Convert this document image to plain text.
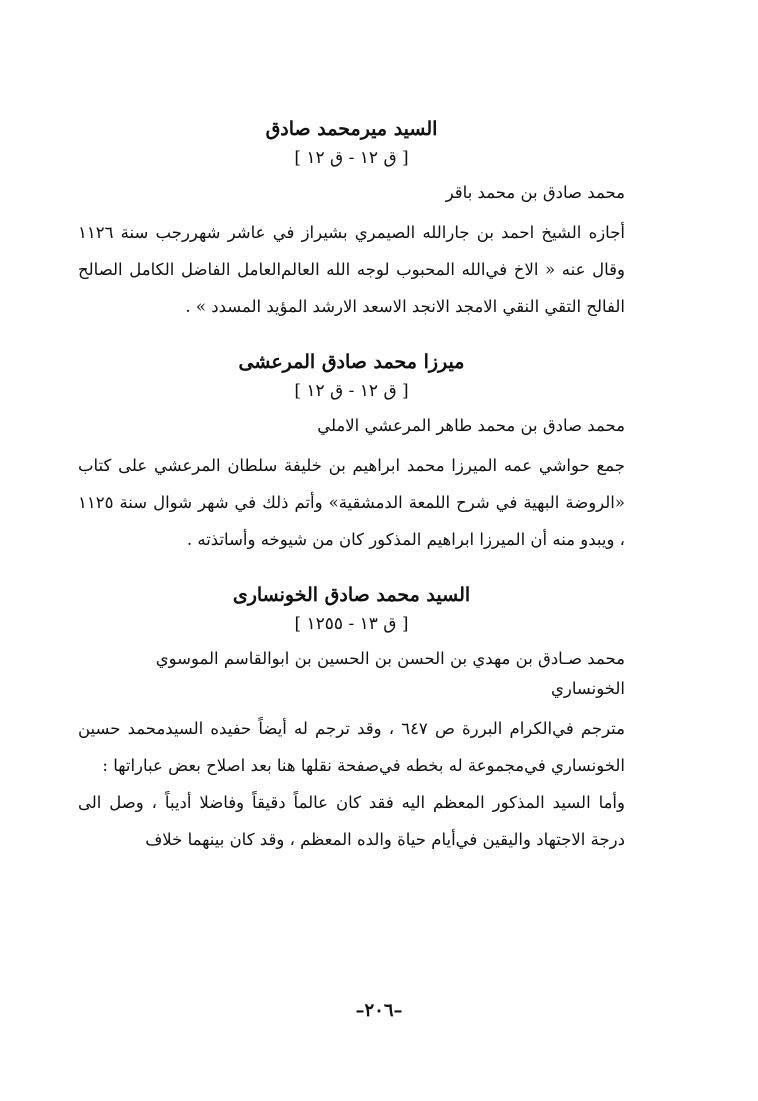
السيد ميرمحمد صادق
[ ق ١٢ - ق ١٢ ]
محمد صادق بن محمد باقر

أجازه الشيخ احمد بن جارالله الصيمري بشيراز في عاشر شهررجب سنة ١١٢٦ وقال عنه « الاخ في‌الله المحبوب لوجه الله العالم‌العامل الفاضل الكامل الصالح الفالح التقي النقي الامجد الانجد الاسعد الارشد المؤيد المسدد » .

ميرزا محمد صادق المرعشى
[ ق ١٢ - ق ١٢ ]
محمد صادق بن محمد طاهر المرعشي الاملي

جمع حواشي عمه الميرزا محمد ابراهيم بن خليفة سلطان المرعشي على كتاب «الروضة البهية في شرح اللمعة الدمشقية» وأتم ذلك في شهر شوال سنة ١١٢٥ ، ويبدو منه أن الميرزا ابراهيم المذكور كان من شيوخه وأساتذته .

السيد محمد صادق الخونسارى
[ ق ١٣ - ١٢٥٥ ]
محمد صـادق بن مهدي بن الحسن بن الحسين بن ابوالقاسم الموسوي الخونساري

مترجم في‌الكرام البررة ص ٦٤٧ ، وقد ترجم له أيضاً حفيده السيدمحمد حسين الخونساري في‌مجموعة له بخطه في‌صفحة نقلها هنا بعد اصلاح بعض عباراتها :

وأما السيد المذكور المعظم اليه فقد كان عالماً دقيقاً وفاضلا أديباً ، وصل الى درجة الاجتهاد واليقين في‌أيام حياة والده المعظم ، وقد كان بينهما خلاف

–٢٠٦–
